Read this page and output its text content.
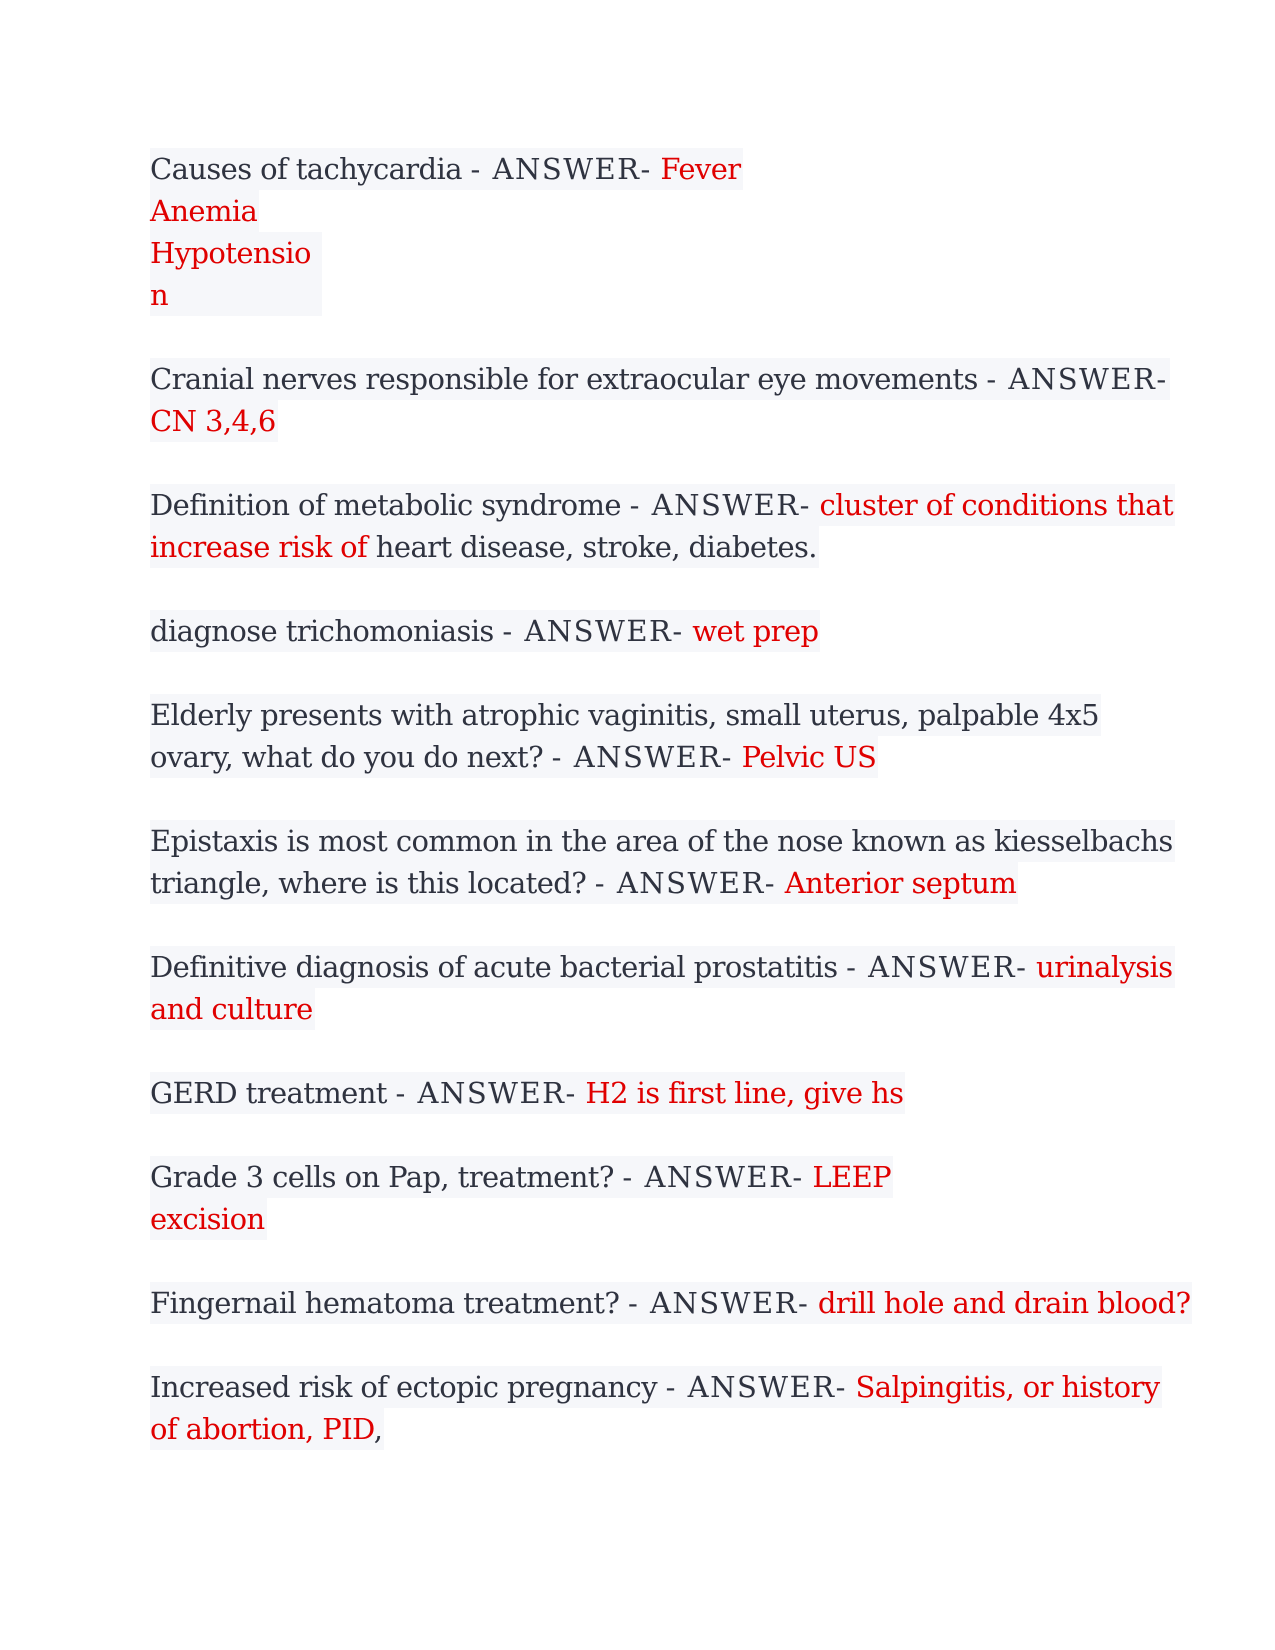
Causes of tachycardia - ANSWER- Fever
Anemia
Hypotensio
n
Cranial nerves responsible for extraocular eye movements - ANSWER-
CN 3,4,6
Definition of metabolic syndrome - ANSWER- cluster of conditions that
increase risk of heart disease, stroke, diabetes.
diagnose trichomoniasis - ANSWER- wet prep
Elderly presents with atrophic vaginitis, small uterus, palpable 4x5
ovary, what do you do next? - ANSWER- Pelvic US
Epistaxis is most common in the area of the nose known as kiesselbachs
triangle, where is this located? - ANSWER- Anterior septum
Definitive diagnosis of acute bacterial prostatitis - ANSWER- urinalysis
and culture
GERD treatment - ANSWER- H2 is first line, give hs
Grade 3 cells on Pap, treatment? - ANSWER- LEEP
excision
Fingernail hematoma treatment? - ANSWER- drill hole and drain blood?
Increased risk of ectopic pregnancy - ANSWER- Salpingitis, or history
of abortion, PID,
